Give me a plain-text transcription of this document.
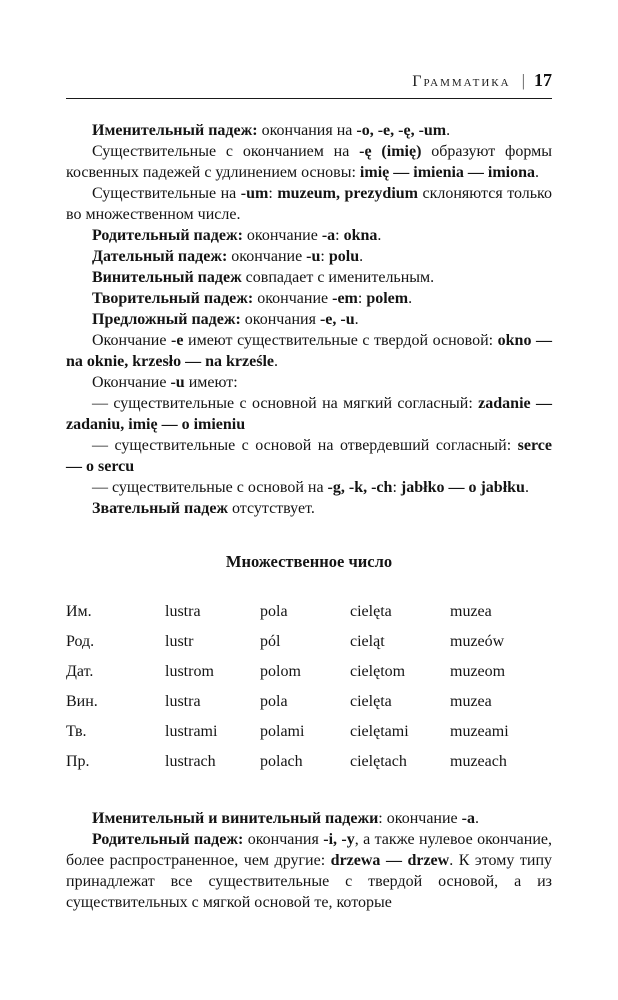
Грамматика | 17

Именительный падеж: окончания на -o, -e, -ę, -um.

Существительные с окончанием на -ę (imię) образуют формы косвенных падежей с удлинением основы: imię — imienia — imiona.

Существительные на -um: muzeum, prezydium склоняются только во множественном числе.

Родительный падеж: окончание -a: okna.

Дательный падеж: окончание -u: polu.

Винительный падеж совпадает с именительным.

Творительный падеж: окончание -em: polem.

Предложный падеж: окончания -e, -u.

Окончание -e имеют существительные с твердой основой: okno — na oknie, krzesło — na krześle.

Окончание -u имеют:

— существительные с основной на мягкий согласный: zadanie — zadaniu, imię — o imieniu

— существительные с основой на отвердевший согласный: serce — o sercu

— существительные с основой на -g, -k, -ch: jabłko — o jabłku.

Звательный падеж отсутствует.

Множественное число
Им.	lustra	pola	cielęta	muzea
Род.	lustr	pól	cieląt	muzeów
Дат.	lustrom	polom	cielętom	muzeom
Вин.	lustra	pola	cielęta	muzea
Тв.	lustrami	polami	cielętami	muzeami
Пр.	lustrach	polach	cielętach	muzeach

Именительный и винительный падежи: окончание -a.

Родительный падеж: окончания -i, -y, а также нулевое окончание, более распространенное, чем другие: drzewa — drzew. К этому типу принадлежат все существительные с твердой основой, а из существительных с мягкой основой те, которые
